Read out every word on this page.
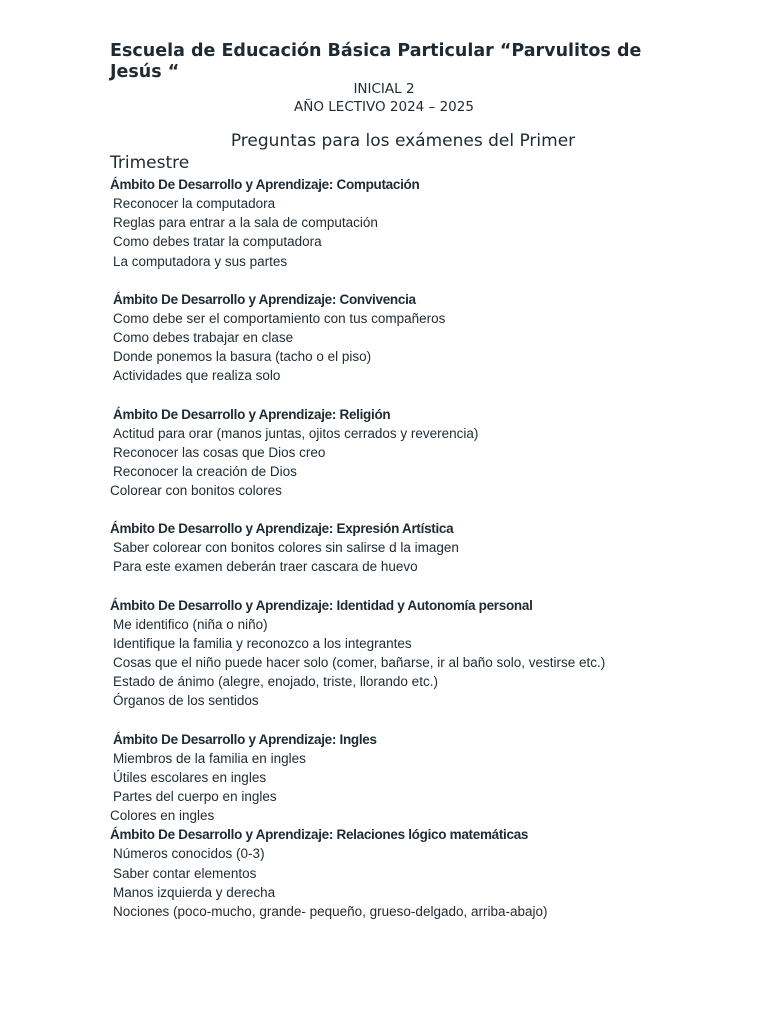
Escuela de Educación Básica Particular “Parvulitos de Jesús “
INICIAL 2
AÑO LECTIVO 2024 – 2025
Preguntas para los exámenes del Primer
Trimestre
Ámbito De Desarrollo y Aprendizaje: Computación
Reconocer la computadora
Reglas para entrar a la sala de computación
Como debes tratar la computadora
La computadora y sus partes
Ámbito De Desarrollo y Aprendizaje: Convivencia
Como debe ser el comportamiento con tus compañeros
Como debes trabajar en clase
Donde ponemos la basura (tacho o el piso)
Actividades que realiza solo
Ámbito De Desarrollo y Aprendizaje: Religión
Actitud para orar (manos juntas, ojitos cerrados y reverencia)
Reconocer las cosas que Dios creo
Reconocer la creación de Dios
Colorear con bonitos colores
Ámbito De Desarrollo y Aprendizaje: Expresión Artística
Saber colorear con bonitos colores sin salirse d la imagen
Para este examen deberán traer cascara de huevo
Ámbito De Desarrollo y Aprendizaje: Identidad y Autonomía personal
Me identifico (niña o niño)
Identifique la familia y reconozco a los integrantes
Cosas que el niño puede hacer solo (comer, bañarse, ir al baño solo, vestirse etc.)
Estado de ánimo (alegre, enojado, triste, llorando etc.)
Órganos de los sentidos
Ámbito De Desarrollo y Aprendizaje: Ingles
Miembros de la familia en ingles
Útiles escolares en ingles
Partes del cuerpo en ingles
Colores en ingles
Ámbito De Desarrollo y Aprendizaje: Relaciones lógico matemáticas
Números conocidos (0-3)
Saber contar elementos
Manos izquierda y derecha
Nociones (poco-mucho, grande- pequeño, grueso-delgado, arriba-abajo)
